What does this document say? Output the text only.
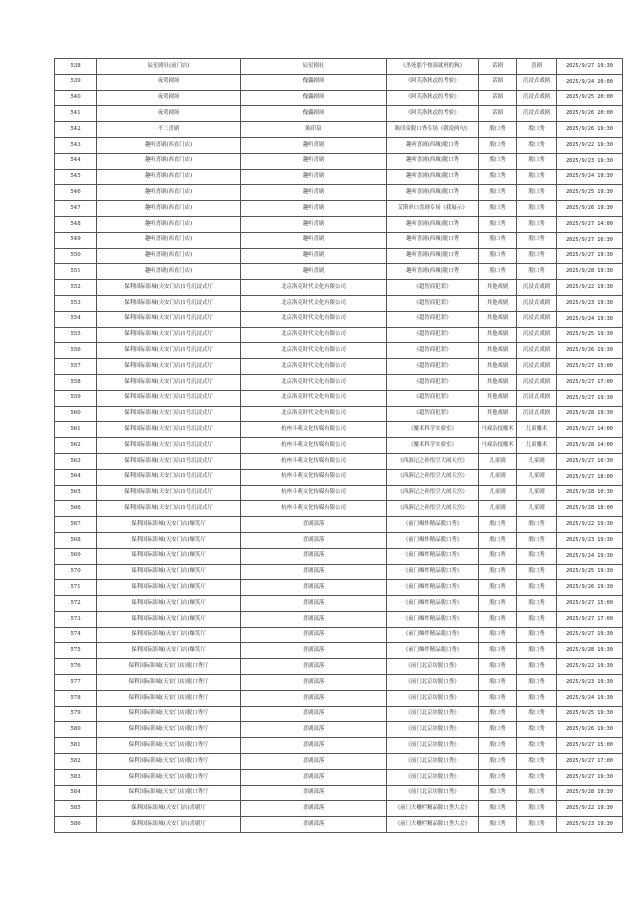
538	辰星剧社(前门店)	辰星剧社	《杀死那个按部就班的狗》	话剧	喜剧	2025/9/27 19:30
539	夜莺剧场	傀儡剧场	《阿芙洛狄忒的考验》	话剧	沉浸式戏剧	2025/9/24 20:00
540	夜莺剧场	傀儡剧场	《阿芙洛狄忒的考验》	话剧	沉浸式戏剧	2025/9/25 20:00
541	夜莺剧场	傀儡剧场	《阿芙洛狄忒的考验》	话剧	沉浸式戏剧	2025/9/26 20:00
542	不二喜剧	陈印泉	陈印泉脱口秀专场《我说两句》	脱口秀	脱口秀	2025/9/26 19:30
543	趣听喜剧(西直门店)	趣听喜剧	趣听喜剧(西城)脱口秀	脱口秀	脱口秀	2025/9/22 19:30
544	趣听喜剧(西直门店)	趣听喜剧	趣听喜剧(西城)脱口秀	脱口秀	脱口秀	2025/9/23 19:30
545	趣听喜剧(西直门店)	趣听喜剧	趣听喜剧(西城)脱口秀	脱口秀	脱口秀	2025/9/24 19:30
546	趣听喜剧(西直门店)	趣听喜剧	趣听喜剧(西城)脱口秀	脱口秀	脱口秀	2025/9/25 19:30
547	趣听喜剧(西直门店)	趣听喜剧	艾斯单口喜剧专场《我展示》	脱口秀	脱口秀	2025/9/26 19:30
548	趣听喜剧(西直门店)	趣听喜剧	趣听喜剧(西城)脱口秀	脱口秀	脱口秀	2025/9/27 14:00
549	趣听喜剧(西直门店)	趣听喜剧	趣听喜剧(西城)脱口秀	脱口秀	脱口秀	2025/9/27 16:30
550	趣听喜剧(西直门店)	趣听喜剧	趣听喜剧(西城)脱口秀	脱口秀	脱口秀	2025/9/27 19:30
551	趣听喜剧(西直门店)	趣听喜剧	趣听喜剧(西城)脱口秀	脱口秀	脱口秀	2025/9/28 19:30
552	保利国际影城(天安门店)1号沉浸式厅	北京洛克时代文化有限公司	《超智商犯罪》	其他戏剧	沉浸式戏剧	2025/9/22 19:30
553	保利国际影城(天安门店)1号沉浸式厅	北京洛克时代文化有限公司	《超智商犯罪》	其他戏剧	沉浸式戏剧	2025/9/23 19:30
554	保利国际影城(天安门店)1号沉浸式厅	北京洛克时代文化有限公司	《超智商犯罪》	其他戏剧	沉浸式戏剧	2025/9/24 19:30
555	保利国际影城(天安门店)1号沉浸式厅	北京洛克时代文化有限公司	《超智商犯罪》	其他戏剧	沉浸式戏剧	2025/9/25 19:30
556	保利国际影城(天安门店)1号沉浸式厅	北京洛克时代文化有限公司	《超智商犯罪》	其他戏剧	沉浸式戏剧	2025/9/26 19:30
557	保利国际影城(天安门店)1号沉浸式厅	北京洛克时代文化有限公司	《超智商犯罪》	其他戏剧	沉浸式戏剧	2025/9/27 15:00
558	保利国际影城(天安门店)1号沉浸式厅	北京洛克时代文化有限公司	《超智商犯罪》	其他戏剧	沉浸式戏剧	2025/9/27 17:00
559	保利国际影城(天安门店)1号沉浸式厅	北京洛克时代文化有限公司	《超智商犯罪》	其他戏剧	沉浸式戏剧	2025/9/27 19:30
560	保利国际影城(天安门店)1号沉浸式厅	北京洛克时代文化有限公司	《超智商犯罪》	其他戏剧	沉浸式戏剧	2025/9/28 19:30
561	保利国际影城(天安门店)1号沉浸式厅	杭州斗萌文化传媒有限公司	《魔术科学实验室》	马戏杂技魔术	儿童魔术	2025/9/27 14:00
562	保利国际影城(天安门店)1号沉浸式厅	杭州斗萌文化传媒有限公司	《魔术科学实验室》	马戏杂技魔术	儿童魔术	2025/9/28 14:00
563	保利国际影城(天安门店)1号沉浸式厅	杭州斗萌文化传媒有限公司	《西游记之孙悟空大闹天宫》	儿童剧	儿童剧	2025/9/27 10:30
564	保利国际影城(天安门店)1号沉浸式厅	杭州斗萌文化传媒有限公司	《西游记之孙悟空大闹天宫》	儿童剧	儿童剧	2025/9/27 18:00
565	保利国际影城(天安门店)1号沉浸式厅	杭州斗萌文化传媒有限公司	《西游记之孙悟空大闹天宫》	儿童剧	儿童剧	2025/9/28 10:30
566	保利国际影城(天安门店)1号沉浸式厅	杭州斗萌文化传媒有限公司	《西游记之孙悟空大闹天宫》	儿童剧	儿童剧	2025/9/28 18:00
567	保利国际影城(天安门店)爆笑厅	喜剧部落	《前门爆炸精品脱口秀》	脱口秀	脱口秀	2025/9/22 19:30
568	保利国际影城(天安门店)爆笑厅	喜剧部落	《前门爆炸精品脱口秀》	脱口秀	脱口秀	2025/9/23 19:30
569	保利国际影城(天安门店)爆笑厅	喜剧部落	《前门爆炸精品脱口秀》	脱口秀	脱口秀	2025/9/24 19:30
570	保利国际影城(天安门店)爆笑厅	喜剧部落	《前门爆炸精品脱口秀》	脱口秀	脱口秀	2025/9/25 19:30
571	保利国际影城(天安门店)爆笑厅	喜剧部落	《前门爆炸精品脱口秀》	脱口秀	脱口秀	2025/9/26 19:30
572	保利国际影城(天安门店)爆笑厅	喜剧部落	《前门爆炸精品脱口秀》	脱口秀	脱口秀	2025/9/27 15:00
573	保利国际影城(天安门店)爆笑厅	喜剧部落	《前门爆炸精品脱口秀》	脱口秀	脱口秀	2025/9/27 17:00
574	保利国际影城(天安门店)爆笑厅	喜剧部落	《前门爆炸精品脱口秀》	脱口秀	脱口秀	2025/9/27 19:30
575	保利国际影城(天安门店)爆笑厅	喜剧部落	《前门爆炸精品脱口秀》	脱口秀	脱口秀	2025/9/28 19:30
576	保利国际影城(天安门店)脱口秀厅	喜剧部落	《前门北京坊脱口秀》	脱口秀	脱口秀	2025/9/22 19:30
577	保利国际影城(天安门店)脱口秀厅	喜剧部落	《前门北京坊脱口秀》	脱口秀	脱口秀	2025/9/23 19:30
578	保利国际影城(天安门店)脱口秀厅	喜剧部落	《前门北京坊脱口秀》	脱口秀	脱口秀	2025/9/24 19:30
579	保利国际影城(天安门店)脱口秀厅	喜剧部落	《前门北京坊脱口秀》	脱口秀	脱口秀	2025/9/25 19:30
580	保利国际影城(天安门店)脱口秀厅	喜剧部落	《前门北京坊脱口秀》	脱口秀	脱口秀	2025/9/26 19:30
581	保利国际影城(天安门店)脱口秀厅	喜剧部落	《前门北京坊脱口秀》	脱口秀	脱口秀	2025/9/27 15:00
582	保利国际影城(天安门店)脱口秀厅	喜剧部落	《前门北京坊脱口秀》	脱口秀	脱口秀	2025/9/27 17:00
583	保利国际影城(天安门店)脱口秀厅	喜剧部落	《前门北京坊脱口秀》	脱口秀	脱口秀	2025/9/27 19:30
584	保利国际影城(天安门店)脱口秀厅	喜剧部落	《前门北京坊脱口秀》	脱口秀	脱口秀	2025/9/28 19:30
585	保利国际影城(天安门店)喜剧厅	喜剧部落	《前门大栅栏精品脱口秀大会》	脱口秀	脱口秀	2025/9/22 19:30
586	保利国际影城(天安门店)喜剧厅	喜剧部落	《前门大栅栏精品脱口秀大会》	脱口秀	脱口秀	2025/9/23 19:30
